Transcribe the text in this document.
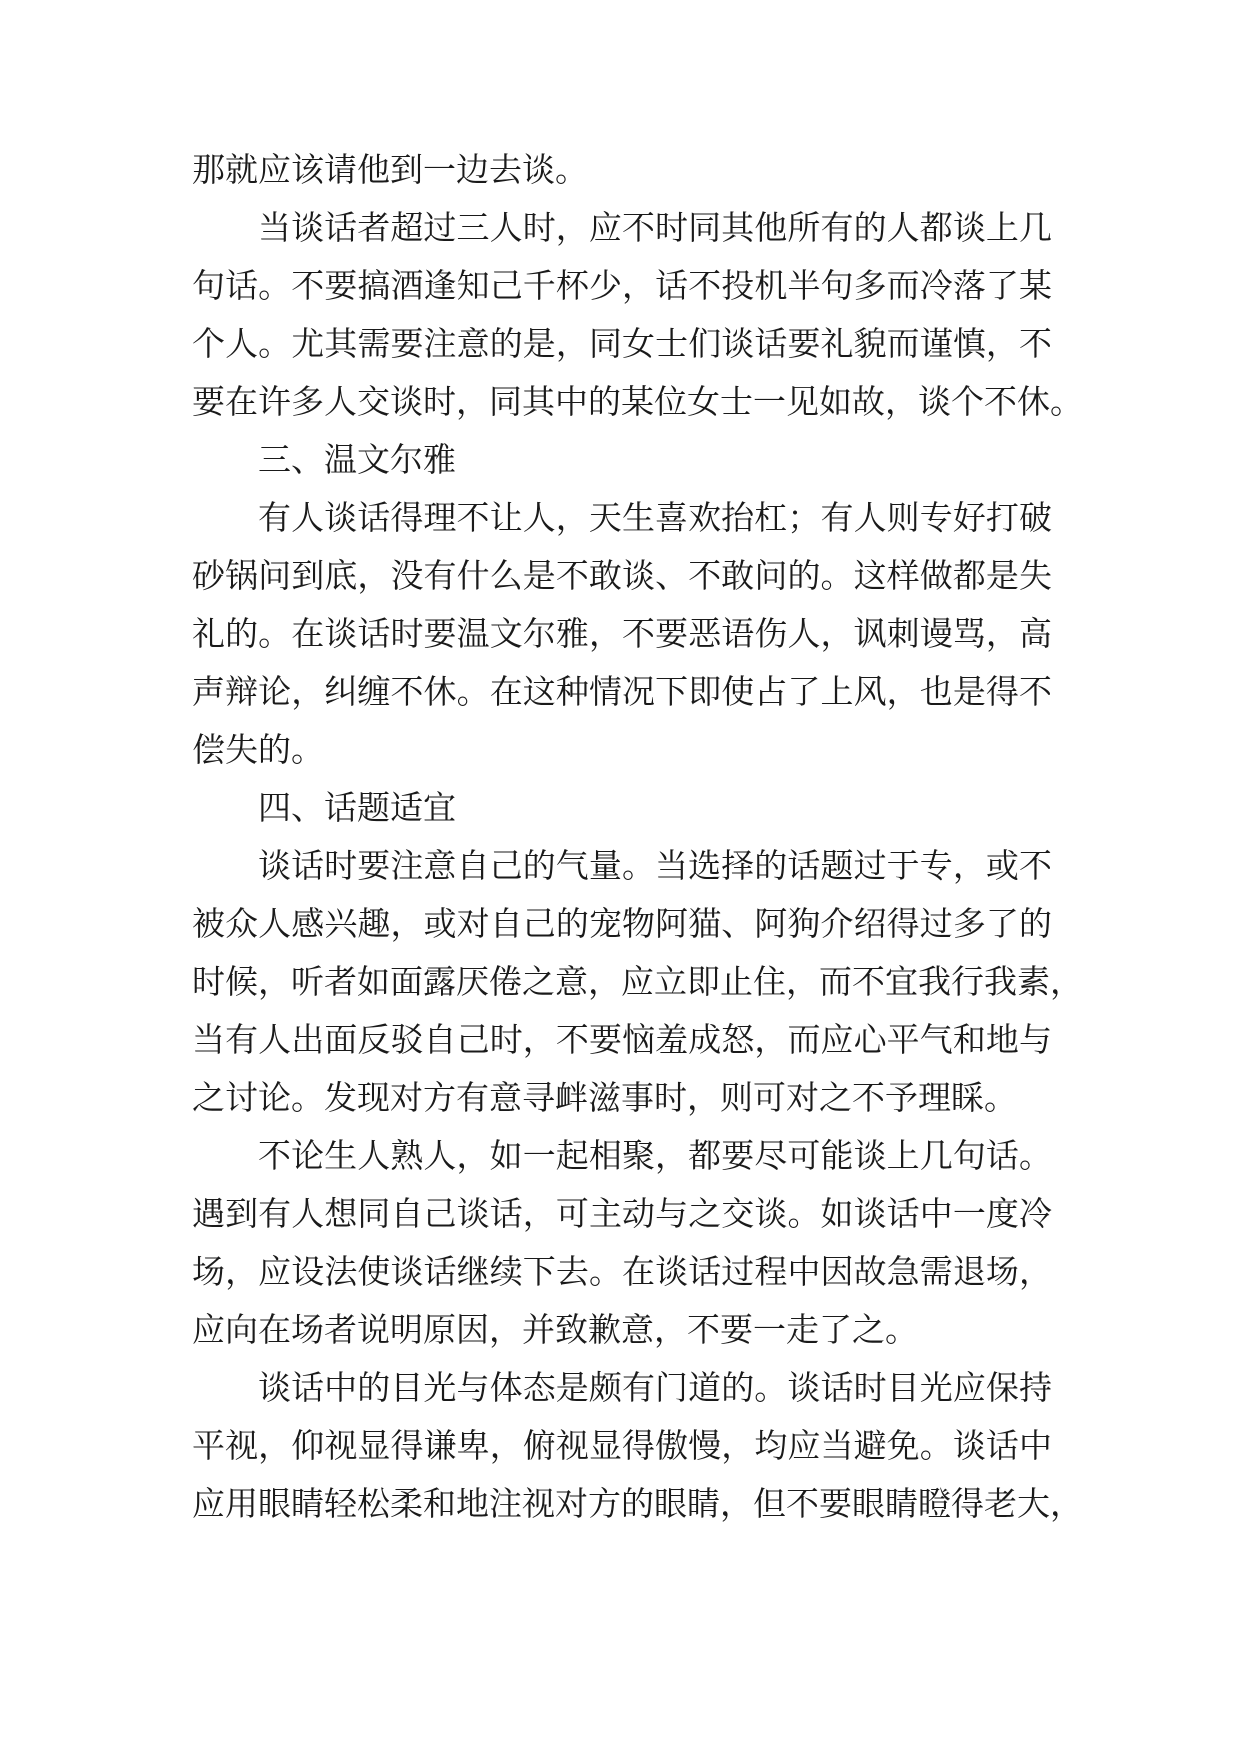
那就应该请他到一边去谈。
当谈话者超过三人时，应不时同其他所有的人都谈上几
句话。不要搞酒逢知己千杯少，话不投机半句多而冷落了某
个人。尤其需要注意的是，同女士们谈话要礼貌而谨慎，不
要在许多人交谈时，同其中的某位女士一见如故，谈个不休。
三、温文尔雅
有人谈话得理不让人，天生喜欢抬杠；有人则专好打破
砂锅问到底，没有什么是不敢谈、不敢问的。这样做都是失
礼的。在谈话时要温文尔雅，不要恶语伤人，讽刺谩骂，高
声辩论，纠缠不休。在这种情况下即使占了上风，也是得不
偿失的。
四、话题适宜
谈话时要注意自己的气量。当选择的话题过于专，或不
被众人感兴趣，或对自己的宠物阿猫、阿狗介绍得过多了的
时候，听者如面露厌倦之意，应立即止住，而不宜我行我素，
当有人出面反驳自己时，不要恼羞成怒，而应心平气和地与
之讨论。发现对方有意寻衅滋事时，则可对之不予理睬。
不论生人熟人，如一起相聚，都要尽可能谈上几句话。
遇到有人想同自己谈话，可主动与之交谈。如谈话中一度冷
场，应设法使谈话继续下去。在谈话过程中因故急需退场，
应向在场者说明原因，并致歉意，不要一走了之。
谈话中的目光与体态是颇有门道的。谈话时目光应保持
平视，仰视显得谦卑，俯视显得傲慢，均应当避免。谈话中
应用眼睛轻松柔和地注视对方的眼睛，但不要眼睛瞪得老大，
